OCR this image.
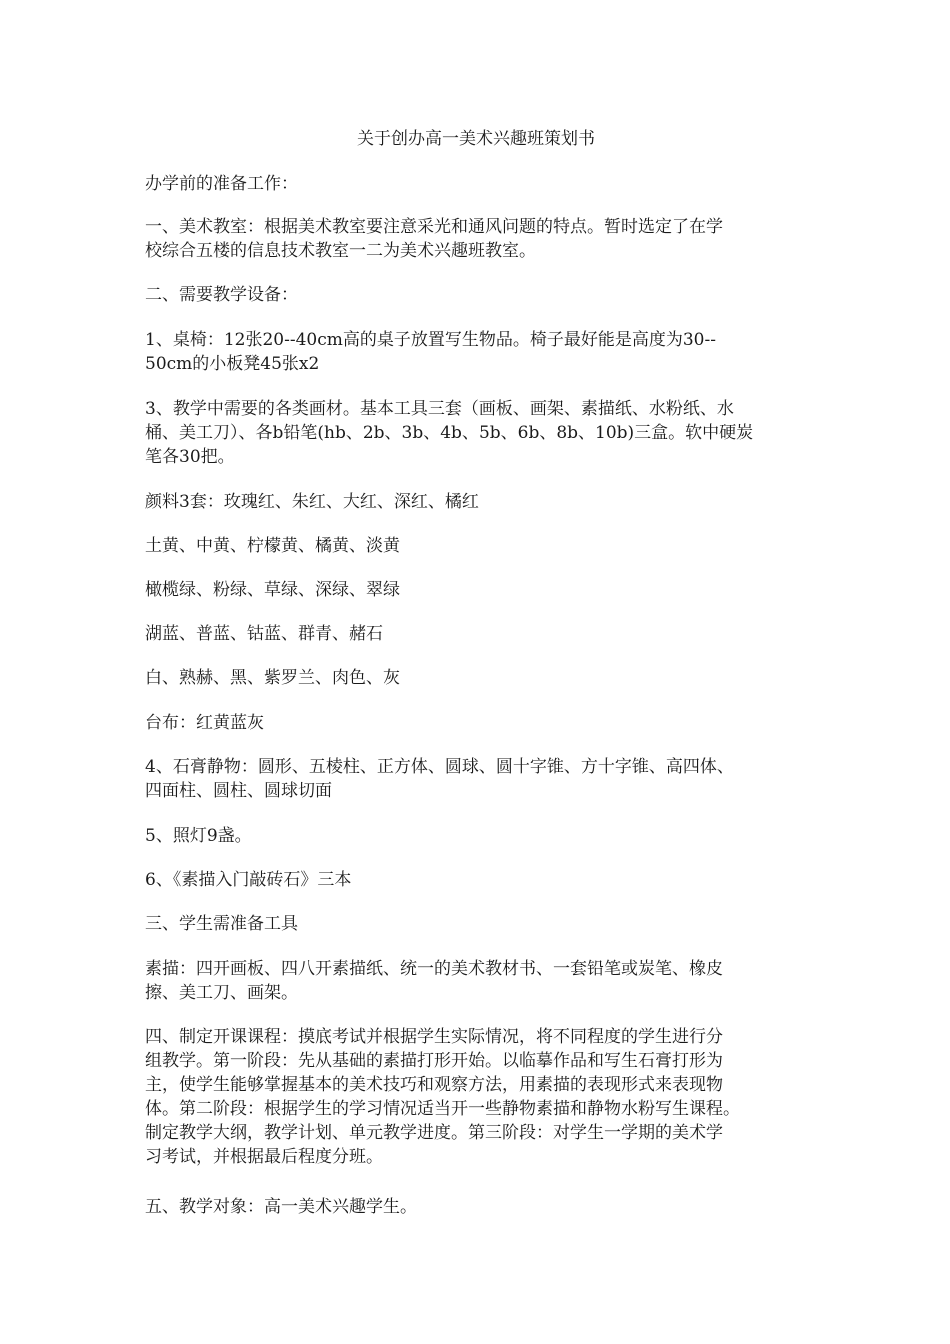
关于创办高一美术兴趣班策划书
办学前的准备工作：
一、美术教室：根据美术教室要注意采光和通风问题的特点。暂时选定了在学
校综合五楼的信息技术教室一二为美术兴趣班教室。
二、需要教学设备：
1、桌椅：12张20--40cm高的桌子放置写生物品。椅子最好能是高度为30--
50cm的小板凳45张x2
3、教学中需要的各类画材。基本工具三套（画板、画架、素描纸、水粉纸、水
桶、美工刀）、各b铅笔(hb、2b、3b、4b、5b、6b、8b、10b)三盒。软中硬炭
笔各30把。
颜料3套：玫瑰红、朱红、大红、深红、橘红
土黄、中黄、柠檬黄、橘黄、淡黄
橄榄绿、粉绿、草绿、深绿、翠绿
湖蓝、普蓝、钴蓝、群青、赭石
白、熟赫、黑、紫罗兰、肉色、灰
台布：红黄蓝灰
4、石膏静物：圆形、五棱柱、正方体、圆球、圆十字锥、方十字锥、高四体、
四面柱、圆柱、圆球切面
5、照灯9盏。
6、《素描入门敲砖石》三本
三、学生需准备工具
素描：四开画板、四八开素描纸、统一的美术教材书、一套铅笔或炭笔、橡皮
擦、美工刀、画架。
四、制定开课课程：摸底考试并根据学生实际情况，将不同程度的学生进行分
组教学。第一阶段：先从基础的素描打形开始。以临摹作品和写生石膏打形为
主，使学生能够掌握基本的美术技巧和观察方法，用素描的表现形式来表现物
体。第二阶段：根据学生的学习情况适当开一些静物素描和静物水粉写生课程。
制定教学大纲，教学计划、单元教学进度。第三阶段：对学生一学期的美术学
习考试，并根据最后程度分班。
五、教学对象：高一美术兴趣学生。
